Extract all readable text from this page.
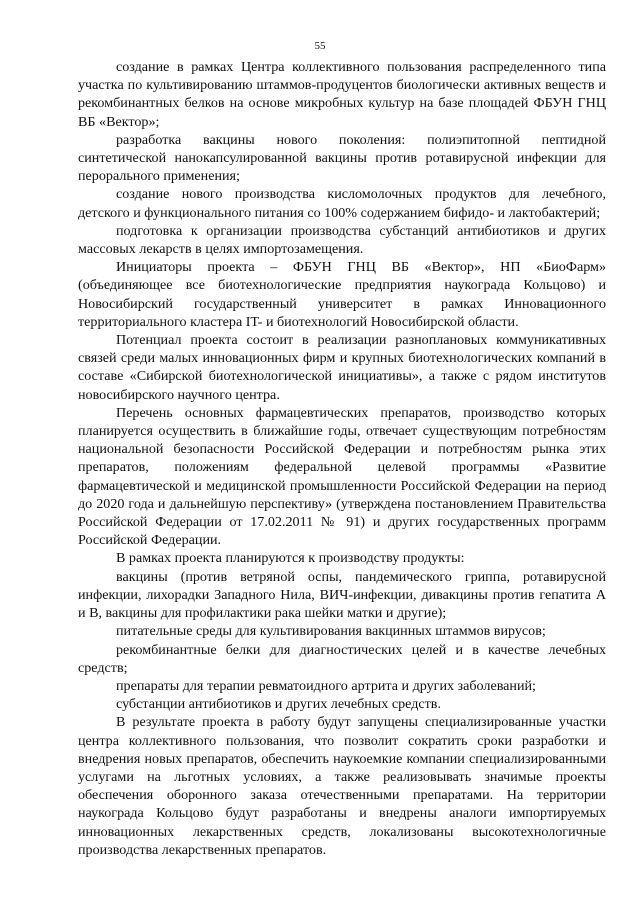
55

создание в рамках Центра коллективного пользования распределенного типа участка по культивированию штаммов-продуцентов биологически активных веществ и рекомбинантных белков на основе микробных культур на базе площадей ФБУН ГНЦ ВБ «Вектор»;

разработка вакцины нового поколения: полиэпитопной пептидной синтетической нанокапсулированной вакцины против ротавирусной инфекции для перорального применения;

создание нового производства кисломолочных продуктов для лечебного, детского и функционального питания со 100% содержанием бифидо- и лактобактерий;

подготовка к организации производства субстанций антибиотиков и других массовых лекарств в целях импортозамещения.

Инициаторы проекта – ФБУН ГНЦ ВБ «Вектор», НП «БиоФарм» (объединяющее все биотехнологические предприятия наукограда Кольцово) и Новосибирский государственный университет в рамках Инновационного территориального кластера IT- и биотехнологий Новосибирской области.

Потенциал проекта состоит в реализации разноплановых коммуникативных связей среди малых инновационных фирм и крупных биотехнологических компаний в составе «Сибирской биотехнологической инициативы», а также с рядом институтов новосибирского научного центра.

Перечень основных фармацевтических препаратов, производство которых планируется осуществить в ближайшие годы, отвечает существующим потребностям национальной безопасности Российской Федерации и потребностям рынка этих препаратов, положениям федеральной целевой программы «Развитие фармацевтической и медицинской промышленности Российской Федерации на период до 2020 года и дальнейшую перспективу» (утверждена постановлением Правительства Российской Федерации от 17.02.2011 № 91) и других государственных программ Российской Федерации.

В рамках проекта планируются к производству продукты:

вакцины (против ветряной оспы, пандемического гриппа, ротавирусной инфекции, лихорадки Западного Нила, ВИЧ-инфекции, дивакцины против гепатита А и В, вакцины для профилактики рака шейки матки и другие);

питательные среды для культивирования вакцинных штаммов вирусов;

рекомбинантные белки для диагностических целей и в качестве лечебных средств;

препараты для терапии ревматоидного артрита и других заболеваний;

субстанции антибиотиков и других лечебных средств.

В результате проекта в работу будут запущены специализированные участки центра коллективного пользования, что позволит сократить сроки разработки и внедрения новых препаратов, обеспечить наукоемкие компании специализированными услугами на льготных условиях, а также реализовывать значимые проекты обеспечения оборонного заказа отечественными препаратами. На территории наукограда Кольцово будут разработаны и внедрены аналоги импортируемых инновационных лекарственных средств, локализованы высокотехнологичные производства лекарственных препаратов.
